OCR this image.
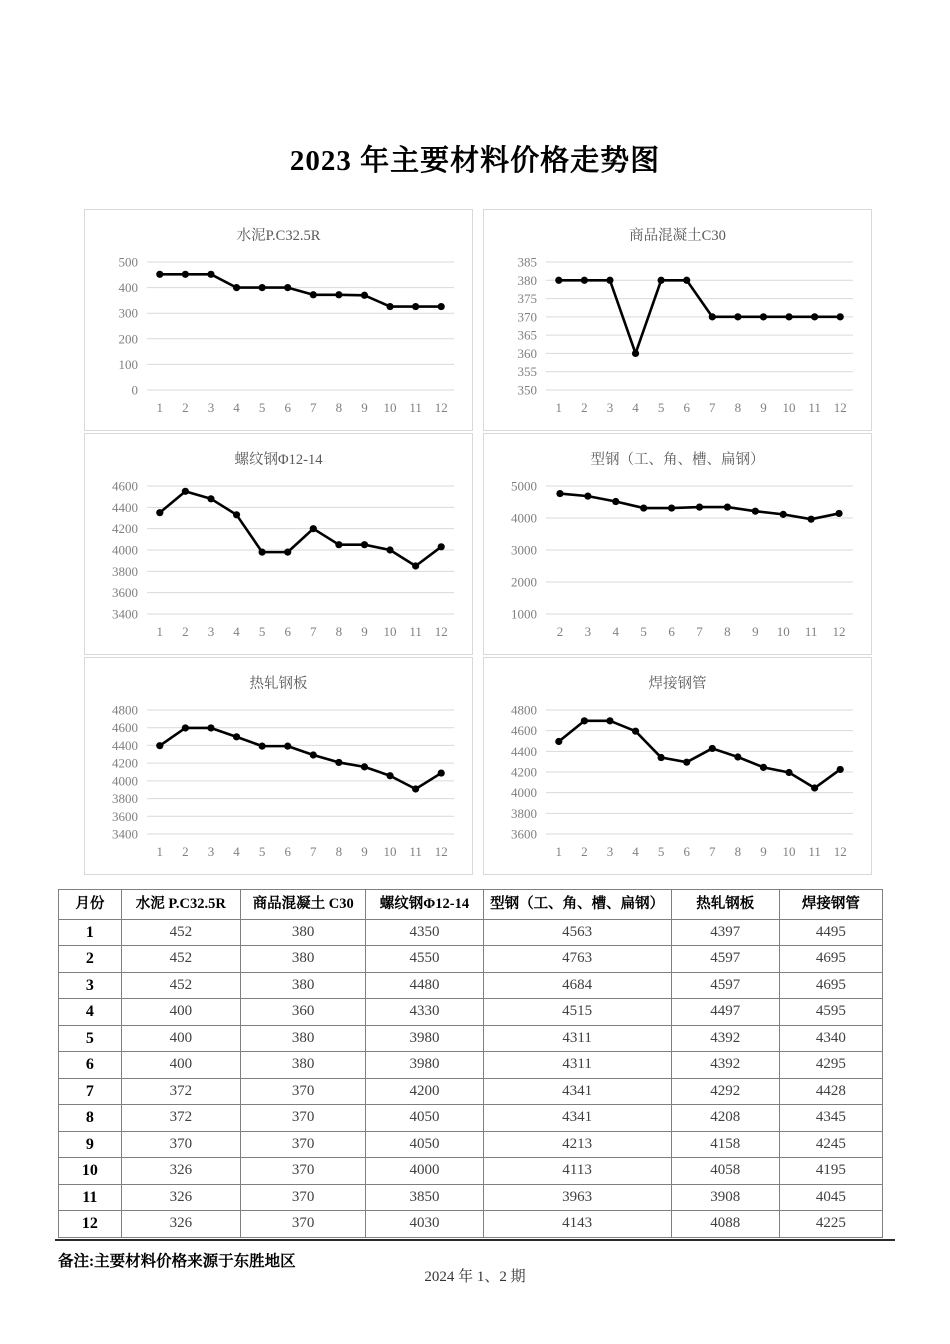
2023 年主要材料价格走势图
水泥P.C32.5R
0
100
200
300
400
500
1 2 3 4 5 6 7 8 9 10 11 12
商品混凝土C30
350
355
360
365
370
375
380
385
1 2 3 4 5 6 7 8 9 10 11 12
螺纹钢Φ12-14
3400
3600
3800
4000
4200
4400
4600
1 2 3 4 5 6 7 8 9 10 11 12
型钢（工、角、槽、扁钢）
1000
2000
3000
4000
5000
2 3 4 5 6 7 8 9 10 11 12
热轧钢板
3400
3600
3800
4000
4200
4400
4600
4800
1 2 3 4 5 6 7 8 9 10 11 12
焊接钢管
3600
3800
4000
4200
4400
4600
4800
1 2 3 4 5 6 7 8 9 10 11 12
月份	水泥 P.C32.5R	商品混凝土 C30	螺纹钢Φ12-14	型钢（工、角、槽、扁钢）	热轧钢板	焊接钢管
1	452	380	4350	4563	4397	4495
2	452	380	4550	4763	4597	4695
3	452	380	4480	4684	4597	4695
4	400	360	4330	4515	4497	4595
5	400	380	3980	4311	4392	4340
6	400	380	3980	4311	4392	4295
7	372	370	4200	4341	4292	4428
8	372	370	4050	4341	4208	4345
9	370	370	4050	4213	4158	4245
10	326	370	4000	4113	4058	4195
11	326	370	3850	3963	3908	4045
12	326	370	4030	4143	4088	4225
备注:主要材料价格来源于东胜地区
2024 年 1、2 期
